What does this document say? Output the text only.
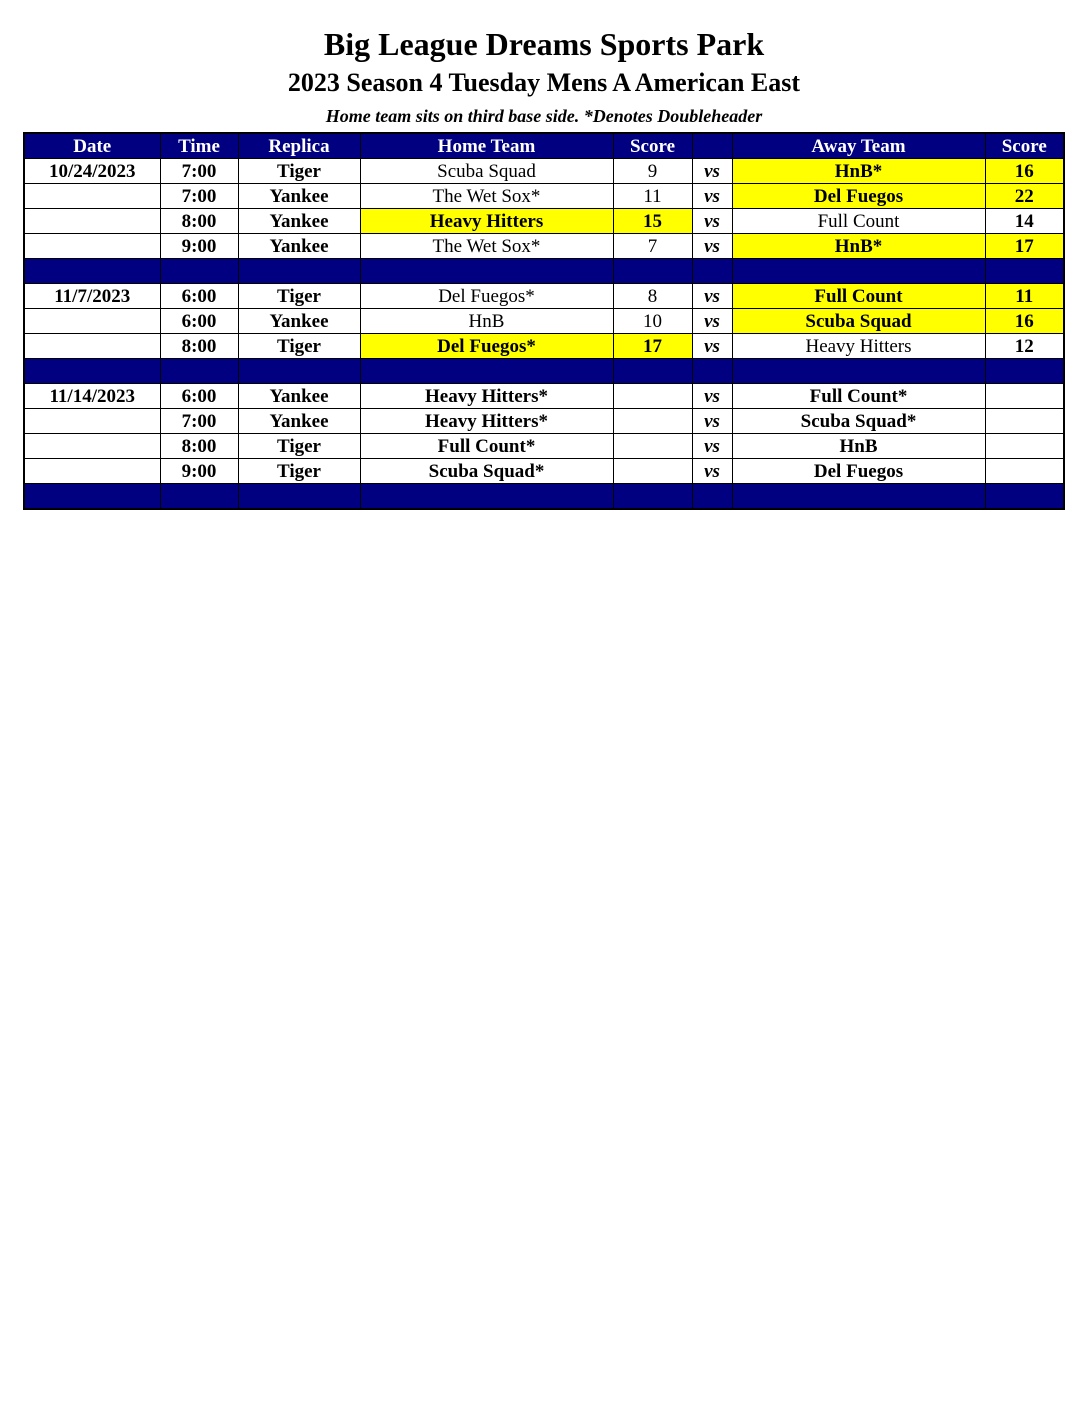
Big League Dreams Sports Park
2023 Season 4 Tuesday Mens A American East
Home team sits on third base side. *Denotes Doubleheader
Date	Time	Replica	Home Team	Score		Away Team	Score
10/24/2023	7:00	Tiger	Scuba Squad	9	vs	HnB*	16
	7:00	Yankee	The Wet Sox*	11	vs	Del Fuegos	22
	8:00	Yankee	Heavy Hitters	15	vs	Full Count	14
	9:00	Yankee	The Wet Sox*	7	vs	HnB*	17

11/7/2023	6:00	Tiger	Del Fuegos*	8	vs	Full Count	11
	6:00	Yankee	HnB	10	vs	Scuba Squad	16
	8:00	Tiger	Del Fuegos*	17	vs	Heavy Hitters	12

11/14/2023	6:00	Yankee	Heavy Hitters*		vs	Full Count*	
	7:00	Yankee	Heavy Hitters*		vs	Scuba Squad*	
	8:00	Tiger	Full Count*		vs	HnB	
	9:00	Tiger	Scuba Squad*		vs	Del Fuegos	
